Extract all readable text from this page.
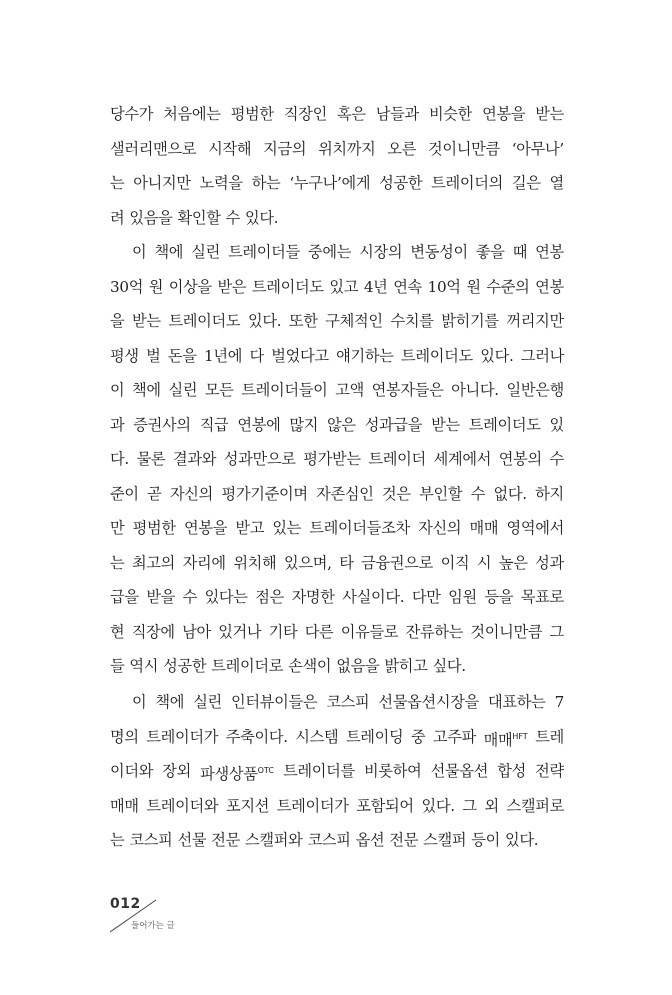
당수가 처음에는 평범한 직장인 혹은 남들과 비슷한 연봉을 받는
샐러리맨으로 시작해 지금의 위치까지 오른 것이니만큼 ‘아무나’
는 아니지만 노력을 하는 ‘누구나’에게 성공한 트레이더의 길은 열
려 있음을 확인할 수 있다.
이 책에 실린 트레이더들 중에는 시장의 변동성이 좋을 때 연봉
30억 원 이상을 받은 트레이더도 있고 4년 연속 10억 원 수준의 연봉
을 받는 트레이더도 있다. 또한 구체적인 수치를 밝히기를 꺼리지만
평생 벌 돈을 1년에 다 벌었다고 얘기하는 트레이더도 있다. 그러나
이 책에 실린 모든 트레이더들이 고액 연봉자들은 아니다. 일반은행
과 증권사의 직급 연봉에 많지 않은 성과급을 받는 트레이더도 있
다. 물론 결과와 성과만으로 평가받는 트레이더 세계에서 연봉의 수
준이 곧 자신의 평가기준이며 자존심인 것은 부인할 수 없다. 하지
만 평범한 연봉을 받고 있는 트레이더들조차 자신의 매매 영역에서
는 최고의 자리에 위치해 있으며, 타 금융권으로 이직 시 높은 성과
급을 받을 수 있다는 점은 자명한 사실이다. 다만 임원 등을 목표로
현 직장에 남아 있거나 기타 다른 이유들로 잔류하는 것이니만큼 그
들 역시 성공한 트레이더로 손색이 없음을 밝히고 싶다.
이 책에 실린 인터뷰이들은 코스피 선물옵션시장을 대표하는 7
명의 트레이더가 주축이다. 시스템 트레이딩 중 고주파 매매$^{HFT}$ 트레
이더와 장외 파생상품$^{OTC}$ 트레이더를 비롯하여 선물옵션 합성 전략
매매 트레이더와 포지션 트레이더가 포함되어 있다. 그 외 스캘퍼로
는 코스피 선물 전문 스캘퍼와 코스피 옵션 전문 스캘퍼 등이 있다.
012
들어가는 글
